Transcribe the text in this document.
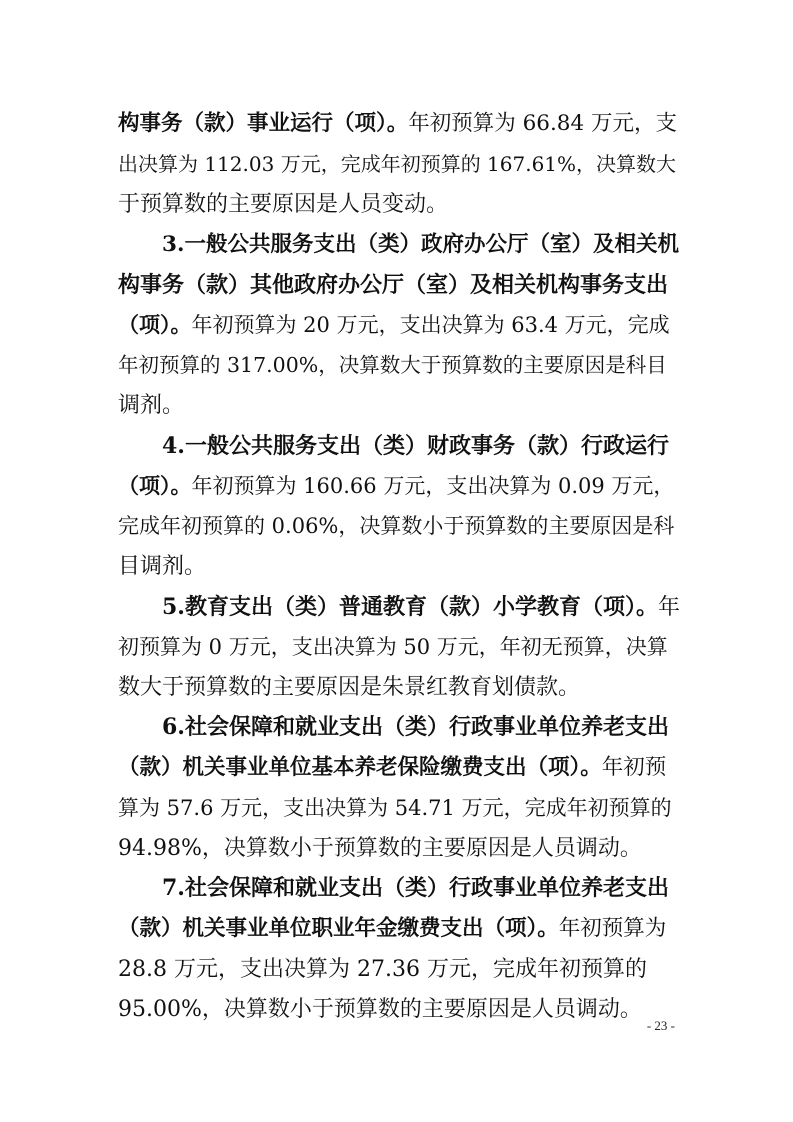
构事务（款）事业运行（项）。年初预算为 66.84 万元，支
出决算为 112.03 万元，完成年初预算的 167.61%，决算数大
于预算数的主要原因是人员变动。
3.一般公共服务支出（类）政府办公厅（室）及相关机
构事务（款）其他政府办公厅（室）及相关机构事务支出
（项）。年初预算为 20 万元，支出决算为 63.4 万元，完成
年初预算的 317.00%，决算数大于预算数的主要原因是科目
调剂。
4.一般公共服务支出（类）财政事务（款）行政运行
（项）。年初预算为 160.66 万元，支出决算为 0.09 万元，
完成年初预算的 0.06%，决算数小于预算数的主要原因是科
目调剂。
5.教育支出（类）普通教育（款）小学教育（项）。年
初预算为 0 万元，支出决算为 50 万元，年初无预算，决算
数大于预算数的主要原因是朱景红教育划债款。
6.社会保障和就业支出（类）行政事业单位养老支出
（款）机关事业单位基本养老保险缴费支出（项）。年初预
算为 57.6 万元，支出决算为 54.71 万元，完成年初预算的
94.98%，决算数小于预算数的主要原因是人员调动。
7.社会保障和就业支出（类）行政事业单位养老支出
（款）机关事业单位职业年金缴费支出（项）。年初预算为
28.8 万元，支出决算为 27.36 万元，完成年初预算的
95.00%，决算数小于预算数的主要原因是人员调动。
- 23 -
